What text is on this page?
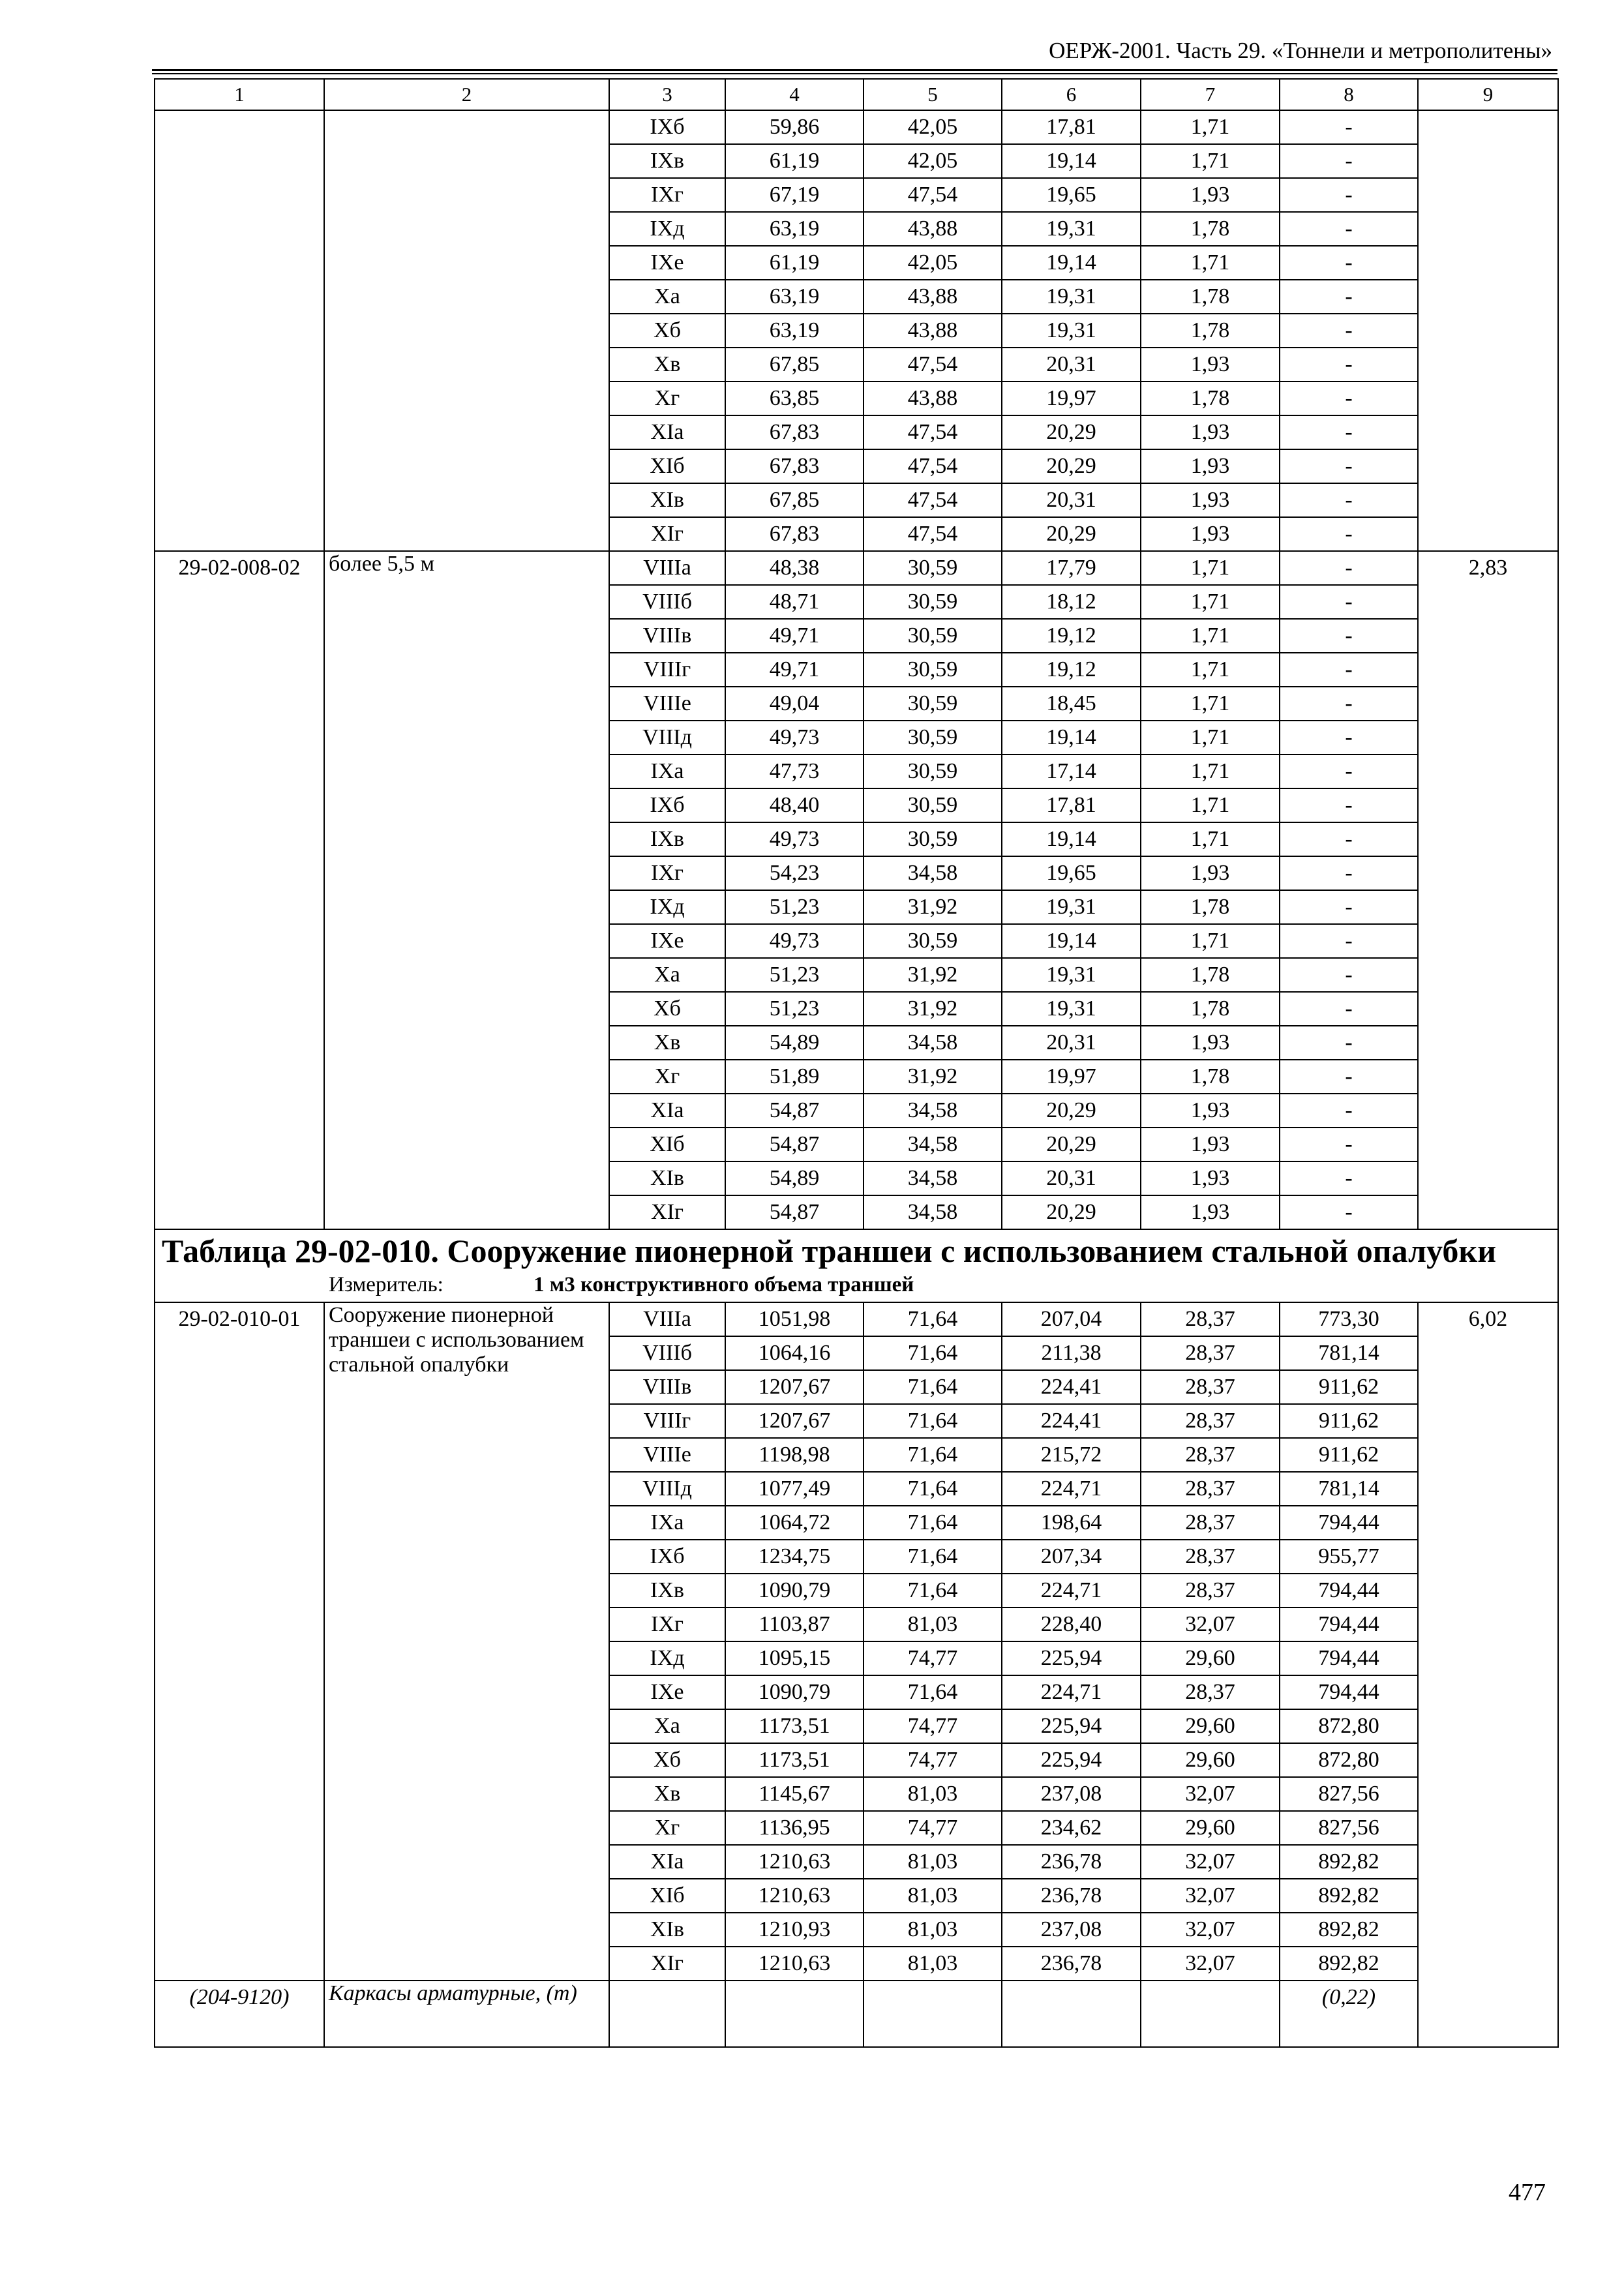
ОЕРЖ-2001. Часть 29. «Тоннели и метрополитены»
1	2	3	4	5	6	7	8	9
		IXб	59,86	42,05	17,81	1,71	-	
		IXв	61,19	42,05	19,14	1,71	-	
		IXг	67,19	47,54	19,65	1,93	-	
		IXд	63,19	43,88	19,31	1,78	-	
		IXе	61,19	42,05	19,14	1,71	-	
		Xа	63,19	43,88	19,31	1,78	-	
		Xб	63,19	43,88	19,31	1,78	-	
		Xв	67,85	47,54	20,31	1,93	-	
		Xг	63,85	43,88	19,97	1,78	-	
		XIа	67,83	47,54	20,29	1,93	-	
		XIб	67,83	47,54	20,29	1,93	-	
		XIв	67,85	47,54	20,31	1,93	-	
		XIг	67,83	47,54	20,29	1,93	-	
29-02-008-02	более 5,5 м	VIIIа	48,38	30,59	17,79	1,71	-	2,83
		VIIIб	48,71	30,59	18,12	1,71	-	
		VIIIв	49,71	30,59	19,12	1,71	-	
		VIIIг	49,71	30,59	19,12	1,71	-	
		VIIIе	49,04	30,59	18,45	1,71	-	
		VIIIд	49,73	30,59	19,14	1,71	-	
		IXа	47,73	30,59	17,14	1,71	-	
		IXб	48,40	30,59	17,81	1,71	-	
		IXв	49,73	30,59	19,14	1,71	-	
		IXг	54,23	34,58	19,65	1,93	-	
		IXд	51,23	31,92	19,31	1,78	-	
		IXе	49,73	30,59	19,14	1,71	-	
		Xа	51,23	31,92	19,31	1,78	-	
		Xб	51,23	31,92	19,31	1,78	-	
		Xв	54,89	34,58	20,31	1,93	-	
		Xг	51,89	31,92	19,97	1,78	-	
		XIа	54,87	34,58	20,29	1,93	-	
		XIб	54,87	34,58	20,29	1,93	-	
		XIв	54,89	34,58	20,31	1,93	-	
		XIг	54,87	34,58	20,29	1,93	-	

Таблица 29-02-010. Сооружение пионерной траншеи с использованием стальной опалубки
Измеритель: 1 м3 конструктивного объема траншей								

29-02-010-01	Сооружение пионерной траншеи с использованием стальной опалубки	VIIIа	1051,98	71,64	207,04	28,37	773,30	6,02
		VIIIб	1064,16	71,64	211,38	28,37	781,14	
		VIIIв	1207,67	71,64	224,41	28,37	911,62	
		VIIIг	1207,67	71,64	224,41	28,37	911,62	
		VIIIе	1198,98	71,64	215,72	28,37	911,62	
		VIIIд	1077,49	71,64	224,71	28,37	781,14	
		IXа	1064,72	71,64	198,64	28,37	794,44	
		IXб	1234,75	71,64	207,34	28,37	955,77	
		IXв	1090,79	71,64	224,71	28,37	794,44	
		IXг	1103,87	81,03	228,40	32,07	794,44	
		IXд	1095,15	74,77	225,94	29,60	794,44	
		IXе	1090,79	71,64	224,71	28,37	794,44	
		Xа	1173,51	74,77	225,94	29,60	872,80	
		Xб	1173,51	74,77	225,94	29,60	872,80	
		Xв	1145,67	81,03	237,08	32,07	827,56	
		Xг	1136,95	74,77	234,62	29,60	827,56	
		XIа	1210,63	81,03	236,78	32,07	892,82	
		XIб	1210,63	81,03	236,78	32,07	892,82	
		XIв	1210,93	81,03	237,08	32,07	892,82	
		XIг	1210,63	81,03	236,78	32,07	892,82	
(204-9120)	Каркасы арматурные, (т)						(0,22)	
477
